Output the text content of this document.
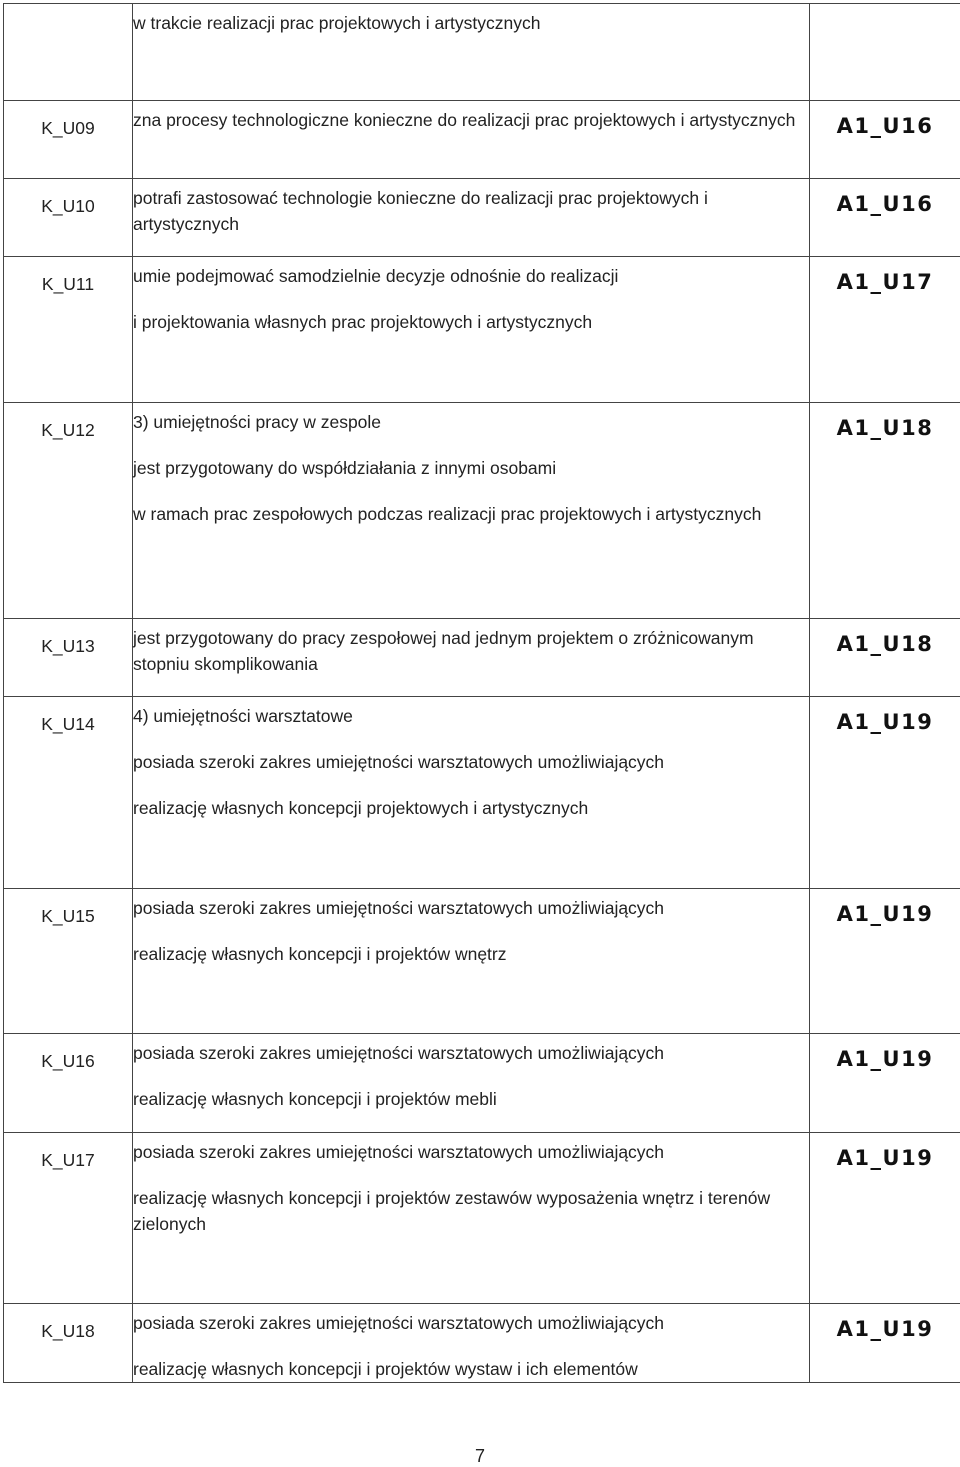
	w trakcie realizacji prac projektowych i artystycznych	

K_U09	zna procesy technologiczne konieczne do realizacji prac projektowych i artystycznych	A1_U16

K_U10	potrafi zastosować technologie konieczne do realizacji prac projektowych i artystycznych	A1_U16

K_U11	umie podejmować samodzielnie decyzje odnośnie do realizacji
i projektowania własnych prac projektowych i artystycznych	A1_U17

K_U12	3) umiejętności pracy w zespole
jest przygotowany do współdziałania z innymi osobami
w ramach prac zespołowych podczas realizacji prac projektowych i artystycznych	A1_U18

K_U13	jest przygotowany do pracy zespołowej nad jednym projektem o zróżnicowanym stopniu skomplikowania	A1_U18

K_U14	4) umiejętności warsztatowe
posiada szeroki zakres umiejętności warsztatowych umożliwiających
realizację własnych koncepcji projektowych i artystycznych	A1_U19

K_U15	posiada szeroki zakres umiejętności warsztatowych umożliwiających
realizację własnych koncepcji i projektów wnętrz	A1_U19

K_U16	posiada szeroki zakres umiejętności warsztatowych umożliwiających
realizację własnych koncepcji i projektów mebli	A1_U19

K_U17	posiada szeroki zakres umiejętności warsztatowych umożliwiających
realizację własnych koncepcji i projektów zestawów wyposażenia wnętrz i terenów zielonych	A1_U19

K_U18	posiada szeroki zakres umiejętności warsztatowych umożliwiających
realizację własnych koncepcji i projektów wystaw i ich elementów	A1_U19
7
